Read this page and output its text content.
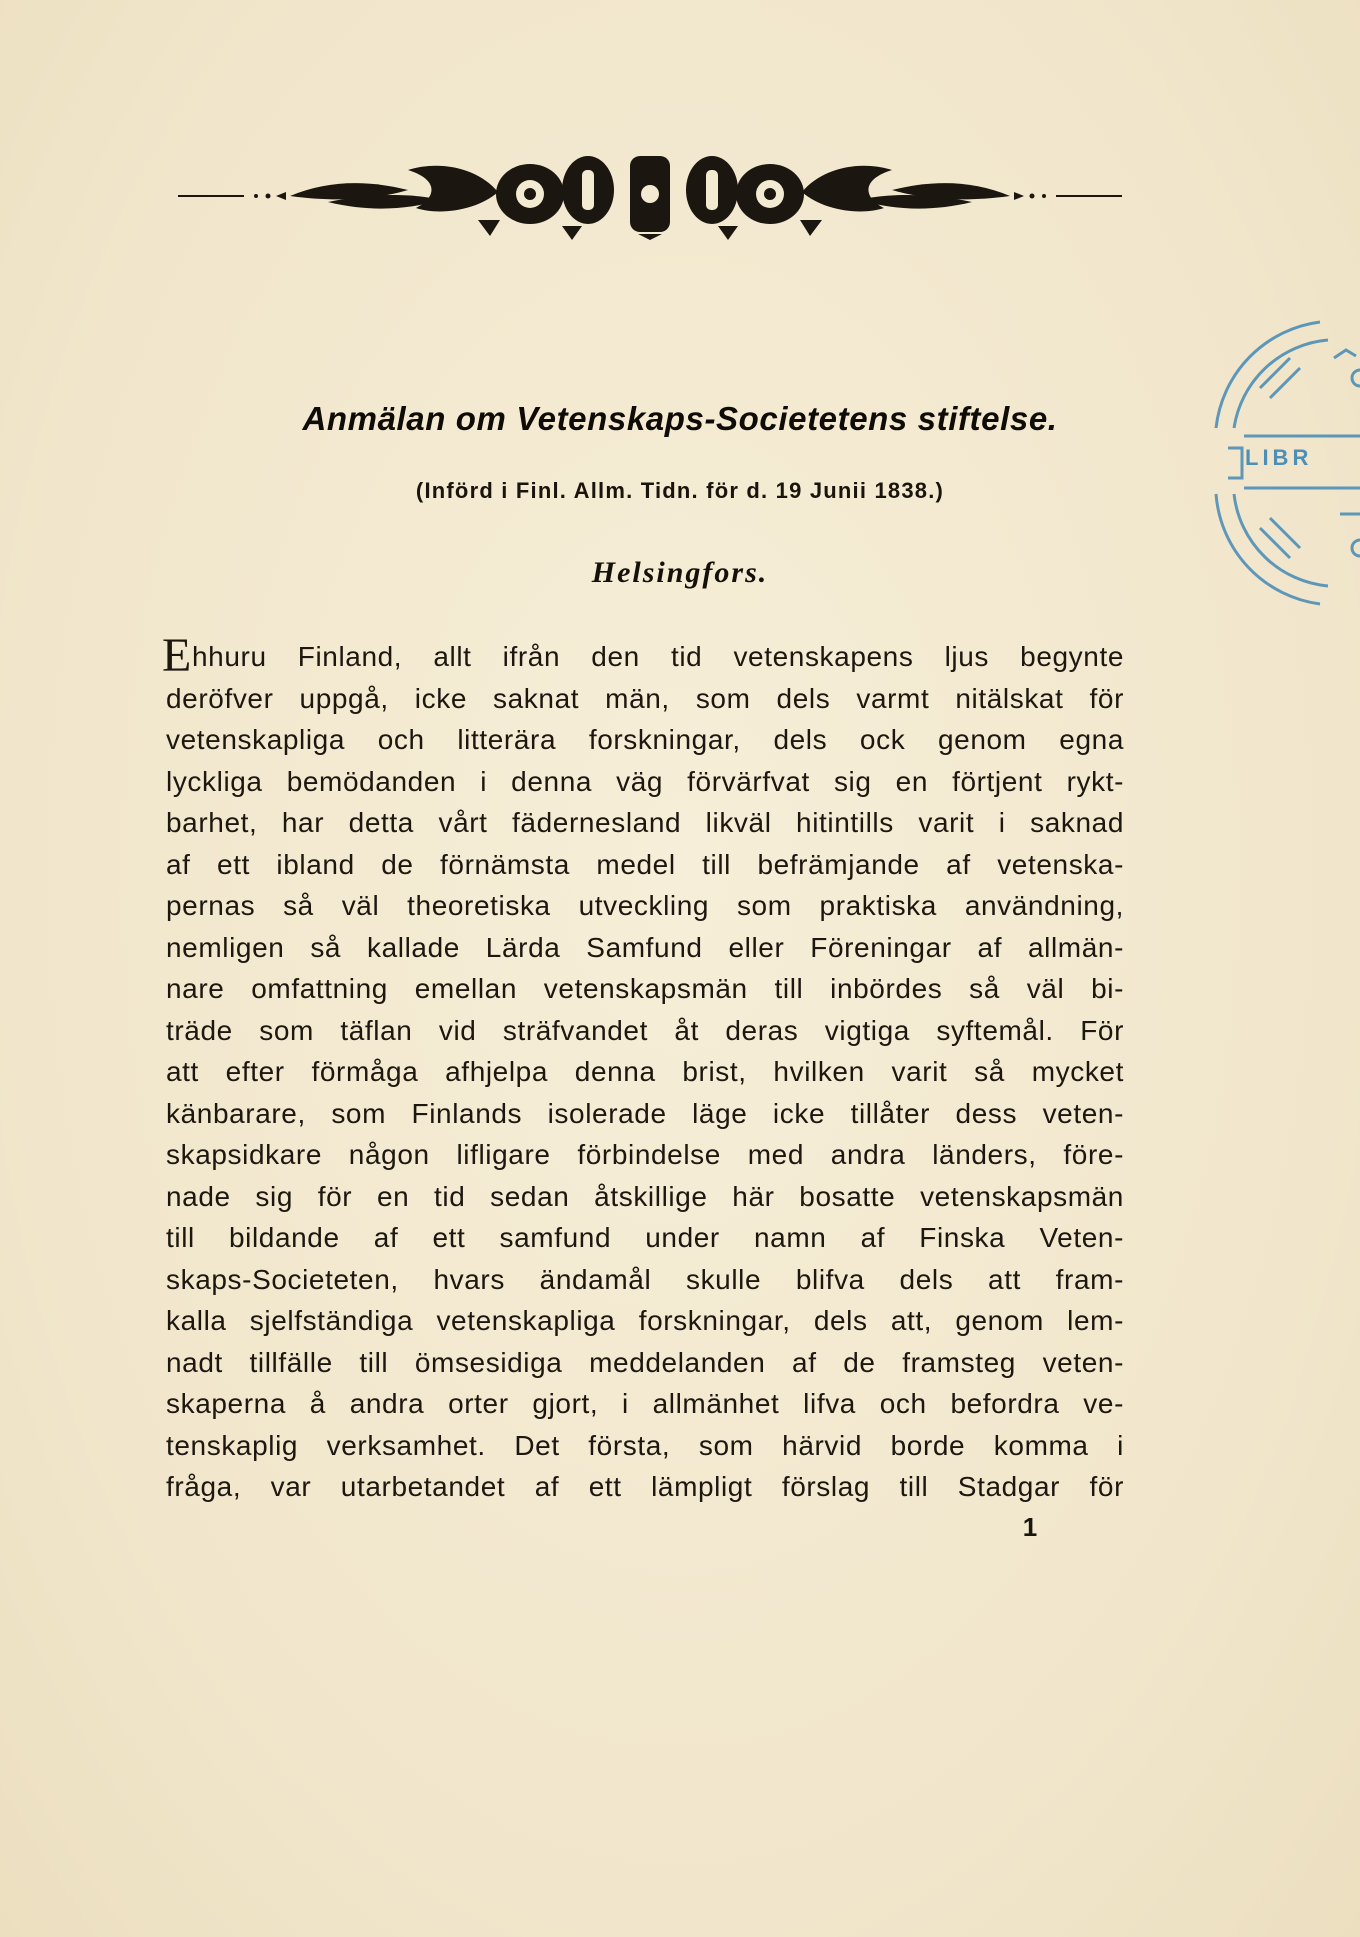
Anmälan om Vetenskaps-Societetens stiftelse.
(Införd i Finl. Allm. Tidn. för d. 19 Junii 1838.)
Helsingfors.
E hhuru Finland, allt ifrån den tid vetenskapens ljus begynte
deröfver uppgå, icke saknat män, som dels varmt nitälskat för
vetenskapliga och litterära forskningar, dels ock genom egna
lyckliga bemödanden i denna väg förvärfvat sig en förtjent rykt-
barhet, har detta vårt fädernesland likväl hitintills varit i saknad
af ett ibland de förnämsta medel till befrämjande af vetenska-
pernas så väl theoretiska utveckling som praktiska användning,
nemligen så kallade Lärda Samfund eller Föreningar af allmän-
nare omfattning emellan vetenskapsmän till inbördes så väl bi-
träde som täflan vid sträfvandet åt deras vigtiga syftemål. För
att efter förmåga afhjelpa denna brist, hvilken varit så mycket
känbarare, som Finlands isolerade läge icke tillåter dess veten-
skapsidkare någon lifligare förbindelse med andra länders, före-
nade sig för en tid sedan åtskillige här bosatte vetenskapsmän
till bildande af ett samfund under namn af Finska Veten-
skaps-Societeten, hvars ändamål skulle blifva dels att fram-
kalla sjelfständiga vetenskapliga forskningar, dels att, genom lem-
nadt tillfälle till ömsesidiga meddelanden af de framsteg veten-
skaperna å andra orter gjort, i allmänhet lifva och befordra ve-
tenskaplig verksamhet. Det första, som härvid borde komma i
fråga, var utarbetandet af ett lämpligt förslag till Stadgar för
1
LIBR
